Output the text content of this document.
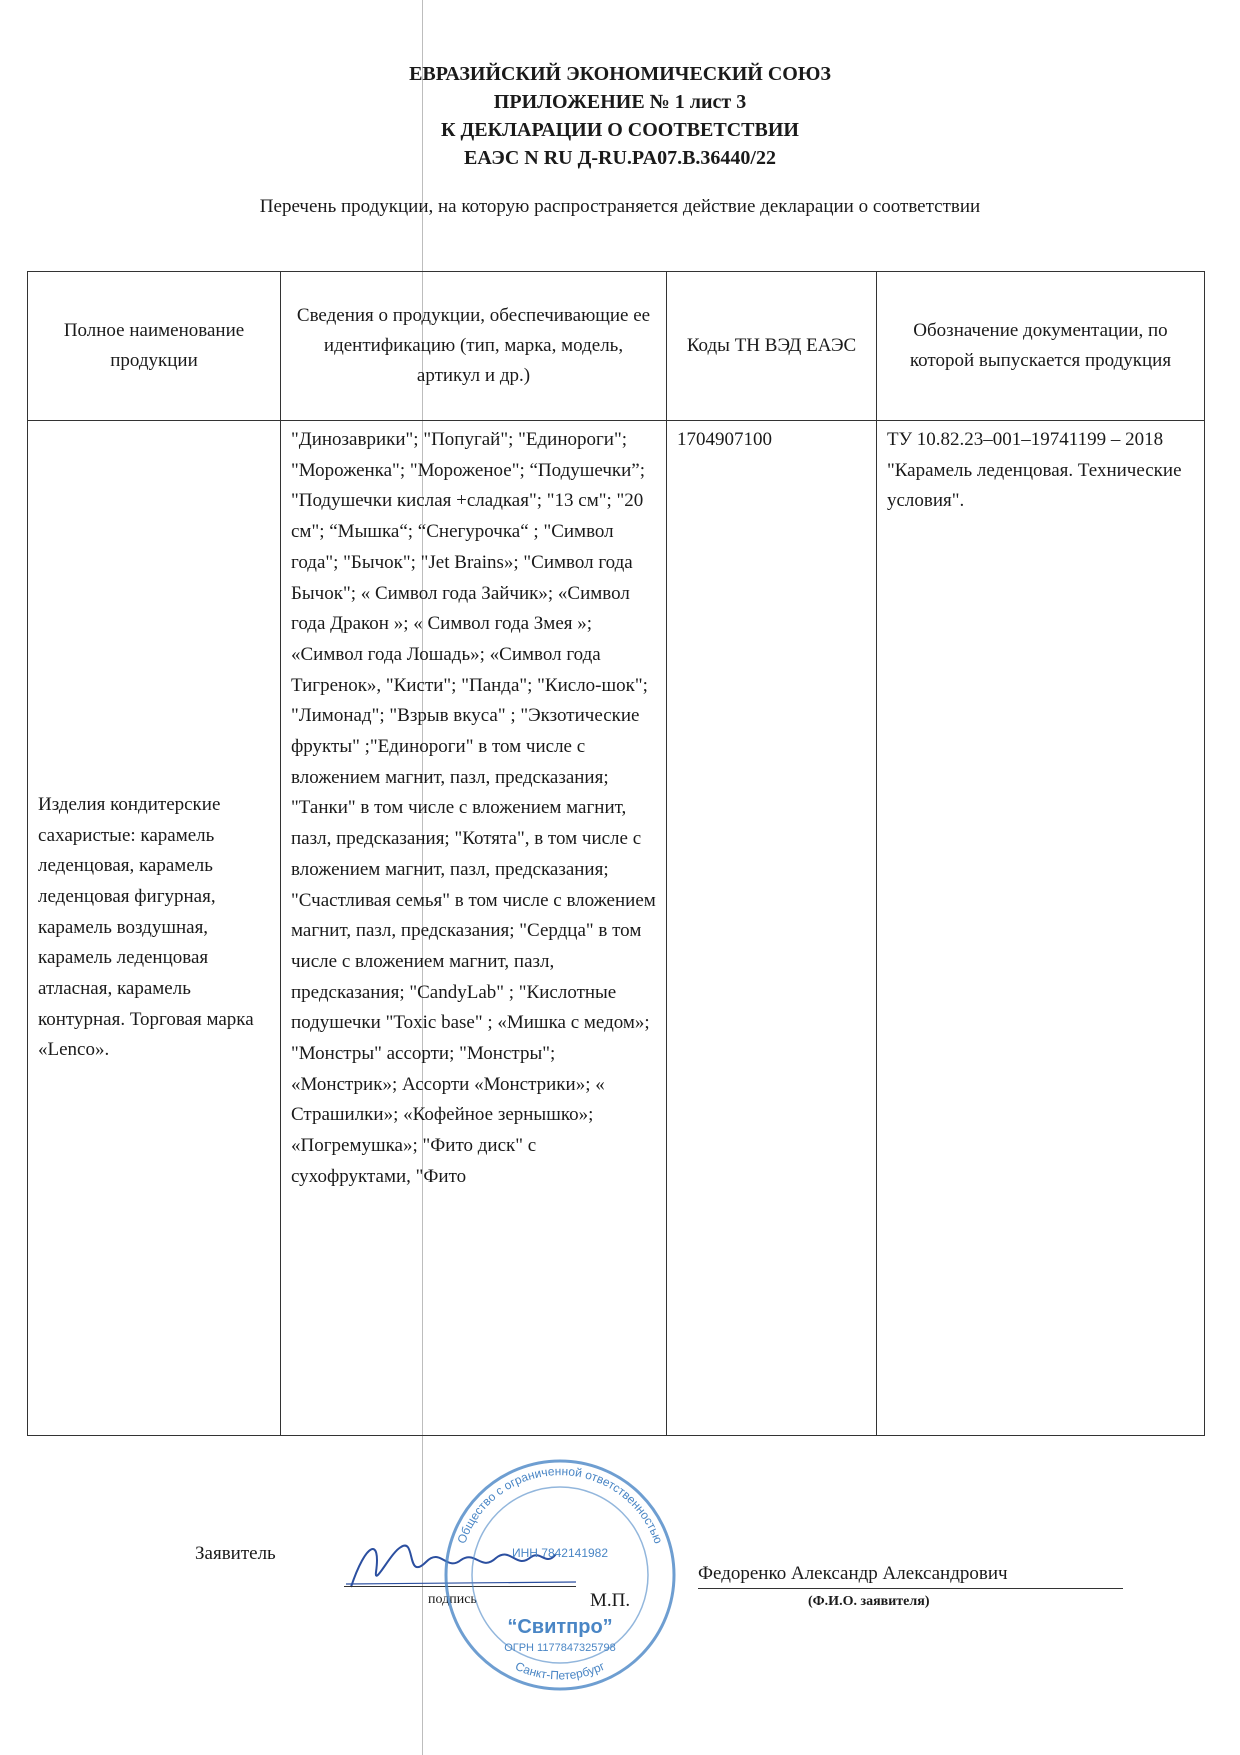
ЕВРАЗИЙСКИЙ ЭКОНОМИЧЕСКИЙ СОЮЗ
ПРИЛОЖЕНИЕ № 1 лист 3
К ДЕКЛАРАЦИИ О СООТВЕТСТВИИ
ЕАЭС N RU Д-RU.PA07.B.36440/22
Перечень продукции, на которую распространяется действие декларации о соответствии
Полное наименование продукции	Сведения о продукции, обеспечивающие ее идентификацию (тип, марка, модель, артикул и др.)	Коды ТН ВЭД ЕАЭС	Обозначение документации, по которой выпускается продукция
Изделия кондитерские сахаристые: карамель леденцовая, карамель леденцовая фигурная, карамель воздушная, карамель леденцовая атласная, карамель контурная. Торговая марка «Lenco».	"Динозаврики"; "Попугай"; "Единороги"; "Мороженка"; "Мороженое"; “Подушечки”; "Подушечки кислая +сладкая"; "13 см"; "20 см"; “Мышка“; “Снегурочка“ ; "Символ года"; "Бычок"; "Jet Brains»; "Символ года Бычок"; « Символ года Зайчик»; «Символ года Дракон »; « Символ года Змея »; «Символ года Лошадь»; «Символ года Тигренок», "Кисти"; "Панда"; "Кисло-шок"; "Лимонад"; "Взрыв вкуса" ; "Экзотические фрукты" ;"Единороги" в том числе с вложением магнит, пазл, предсказания; "Танки" в том числе с вложением магнит, пазл, предсказания; "Котята", в том числе с вложением магнит, пазл, предсказания; "Счастливая семья" в том числе с вложением магнит, пазл, предсказания; "Сердца" в том числе с вложением магнит, пазл, предсказания; "CandyLab" ; "Кислотные подушечки "Toxic base" ; «Мишка с медом»; "Монстры" ассорти; "Монстры"; «Монстрик»; Ассорти «Монстрики»; « Страшилки»; «Кофейное зернышко»; «Погремушка»; "Фито диск" с сухофруктами, "Фито	1704907100	ТУ 10.82.23–001–19741199 – 2018 "Карамель леденцовая. Технические условия".
Заявитель
подпись
Общество с ограниченной ответственностью
ИНН 7842141982
“Свитпро”
ОГРН 1177847325798
Санкт-Петербург
М.П.
Федоренко Александр Александрович
(Ф.И.О. заявителя)
